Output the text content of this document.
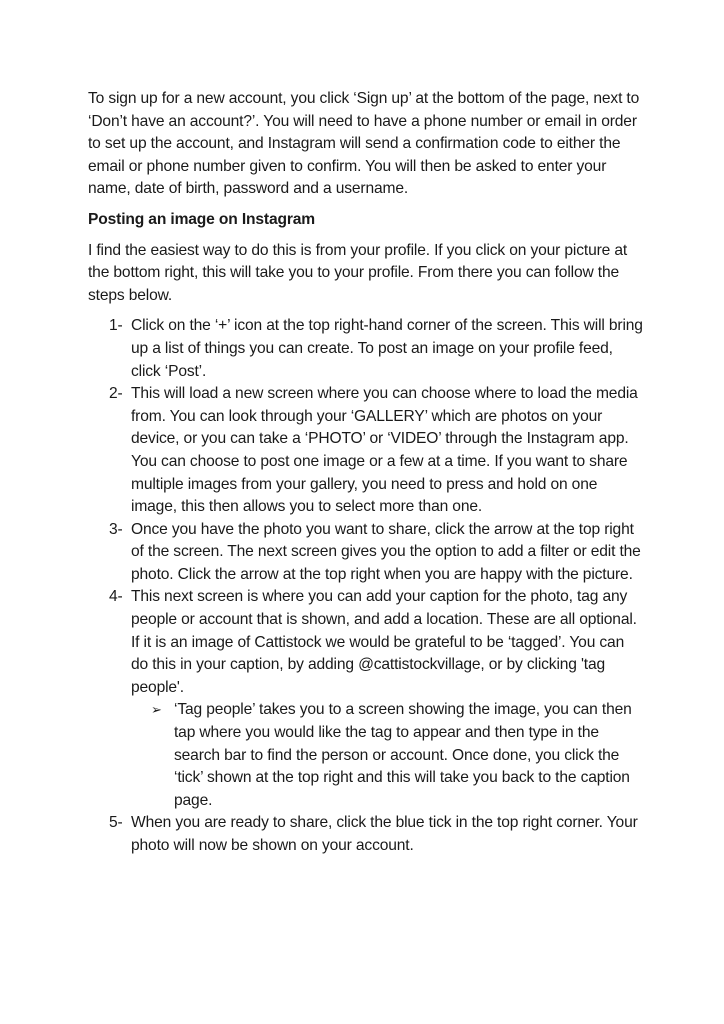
To sign up for a new account, you click ‘Sign up’ at the bottom of the page, next to ‘Don’t have an account?’. You will need to have a phone number or email in order to set up the account, and Instagram will send a confirmation code to either the email or phone number given to confirm. You will then be asked to enter your name, date of birth, password and a username.

Posting an image on Instagram

I find the easiest way to do this is from your profile. If you click on your picture at the bottom right, this will take you to your profile. From there you can follow the steps below.

1- Click on the ‘+’ icon at the top right-hand corner of the screen. This will bring up a list of things you can create. To post an image on your profile feed, click ‘Post’.
2- This will load a new screen where you can choose where to load the media from. You can look through your ‘GALLERY’ which are photos on your device, or you can take a ‘PHOTO’ or ‘VIDEO’ through the Instagram app. You can choose to post one image or a few at a time. If you want to share multiple images from your gallery, you need to press and hold on one image, this then allows you to select more than one.
3- Once you have the photo you want to share, click the arrow at the top right of the screen. The next screen gives you the option to add a filter or edit the photo. Click the arrow at the top right when you are happy with the picture.
4- This next screen is where you can add your caption for the photo, tag any people or account that is shown, and add a location. These are all optional. If it is an image of Cattistock we would be grateful to be ‘tagged’. You can do this in your caption, by adding @cattistockvillage, or by clicking 'tag people'.
➢ ‘Tag people’ takes you to a screen showing the image, you can then tap where you would like the tag to appear and then type in the search bar to find the person or account. Once done, you click the ‘tick’ shown at the top right and this will take you back to the caption page.
5- When you are ready to share, click the blue tick in the top right corner. Your photo will now be shown on your account.
